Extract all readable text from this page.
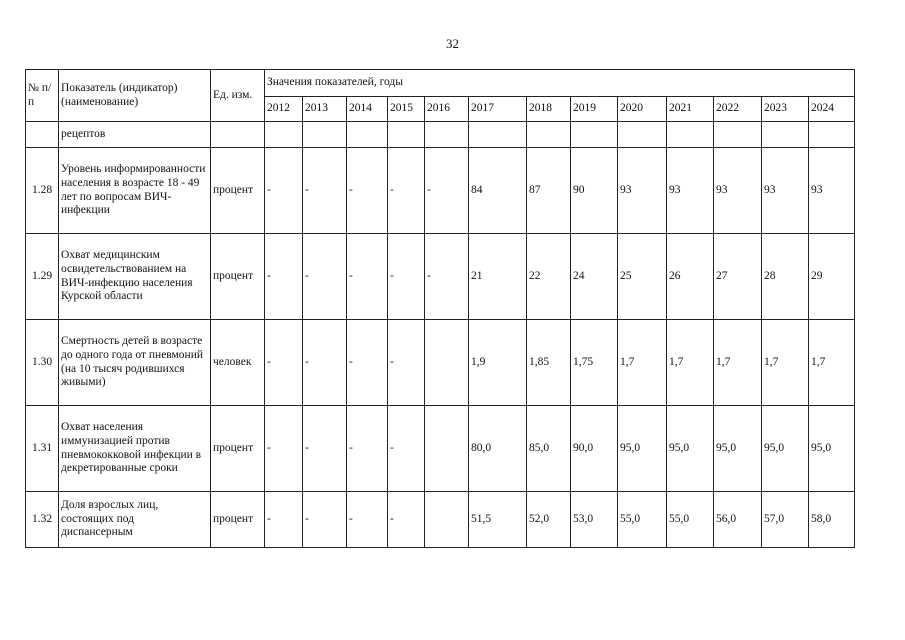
32
№ п/п	Показатель (индикатор) (наименование)	Ед. изм.	Значения показателей, годы												
			2012	2013	2014	2015	2016	2017	2018	2019	2020	2021	2022	2023	2024
	рецептов														
1.28	Уровень информированности населения в возрасте 18 - 49 лет по вопросам ВИЧ-инфекции	процент	-	-	-	-	-	84	87	90	93	93	93	93	93
1.29	Охват медицинским освидетельствованием на ВИЧ-инфекцию населения Курской области	процент	-	-	-	-	-	21	22	24	25	26	27	28	29
1.30	Смертность детей в возрасте до одного года от пневмоний (на 10 тысяч родившихся живыми)	человек	-	-	-	-		1,9	1,85	1,75	1,7	1,7	1,7	1,7	1,7
1.31	Охват населения иммунизацией против пневмококковой инфекции в декретированные сроки	процент	-	-	-	-		80,0	85,0	90,0	95,0	95,0	95,0	95,0	95,0
1.32	Доля взрослых лиц, состоящих под диспансерным	процент	-	-	-	-		51,5	52,0	53,0	55,0	55,0	56,0	57,0	58,0
